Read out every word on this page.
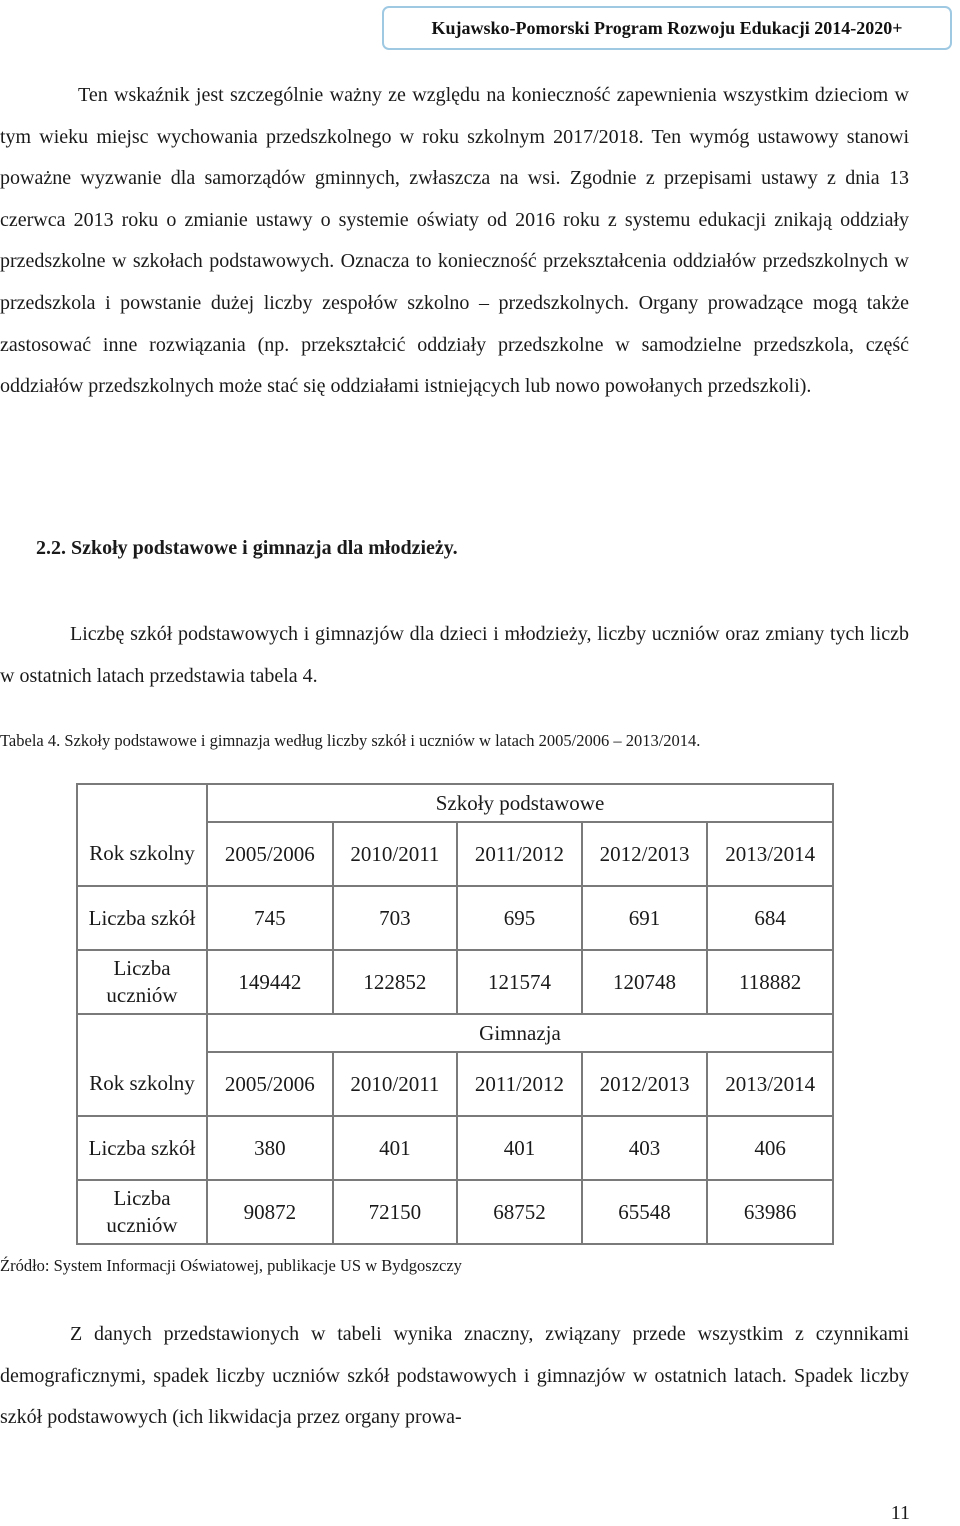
Kujawsko-Pomorski Program Rozwoju Edukacji 2014-2020+

Ten wskaźnik jest szczególnie ważny ze względu na konieczność zapewnienia wszystkim dzieciom w tym wieku miejsc wychowania przedszkolnego w roku szkolnym 2017/2018. Ten wymóg ustawowy stanowi poważne wyzwanie dla samorządów gminnych, zwłaszcza na wsi. Zgodnie z przepisami ustawy z dnia 13 czerwca 2013 roku o zmianie ustawy o systemie oświaty od 2016 roku z systemu edukacji znikają oddziały przedszkolne w szkołach podstawowych. Oznacza to konieczność przekształcenia oddziałów przedszkolnych w przedszkola i powstanie dużej liczby zespołów szkolno – przedszkolnych. Organy prowadzące mogą także zastosować inne rozwiązania (np. przekształcić oddziały przedszkolne w samodzielne przedszkola, część oddziałów przedszkolnych może stać się oddziałami istniejących lub nowo powołanych przedszkoli).

2.2. Szkoły podstawowe i gimnazja dla młodzieży.

Liczbę szkół podstawowych i gimnazjów dla dzieci i młodzieży, liczby uczniów oraz zmiany tych liczb w ostatnich latach przedstawia tabela 4.

Tabela 4. Szkoły podstawowe i gimnazja według liczby szkół i uczniów w latach 2005/2006 – 2013/2014.

	Szkoły podstawowe				
Rok szkolny	2005/2006	2010/2011	2011/2012	2012/2013	2013/2014
Liczba szkół	745	703	695	691	684
Liczba uczniów	149442	122852	121574	120748	118882
	Gimnazja				
Rok szkolny	2005/2006	2010/2011	2011/2012	2012/2013	2013/2014
Liczba szkół	380	401	401	403	406
Liczba uczniów	90872	72150	68752	65548	63986

Źródło: System Informacji Oświatowej, publikacje US w Bydgoszczy

Z danych przedstawionych w tabeli wynika znaczny, związany przede wszystkim z czynnikami demograficznymi, spadek liczby uczniów szkół podstawowych i gimnazjów w ostatnich latach. Spadek liczby szkół podstawowych (ich likwidacja przez organy prowa-

11
